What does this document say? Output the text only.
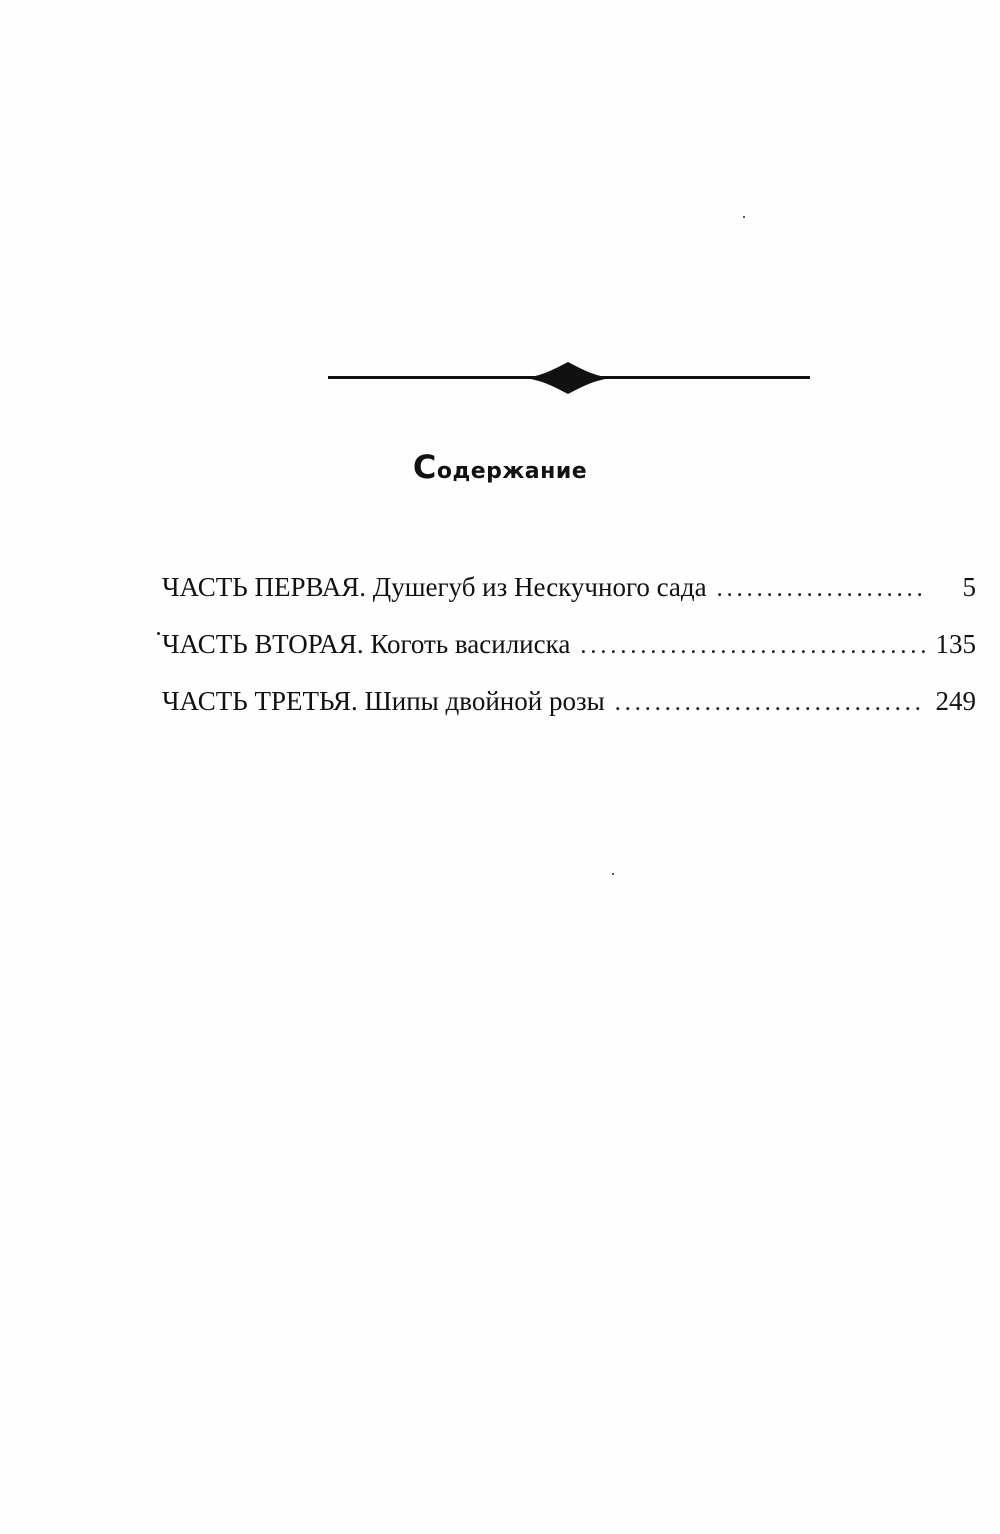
Содержание
ЧАСТЬ ПЕРВАЯ. Душегуб из Нескучного сада . . .	5
ЧАСТЬ ВТОРАЯ. Коготь василиска . . .	135
ЧАСТЬ ТРЕТЬЯ. Шипы двойной розы . . .	249
